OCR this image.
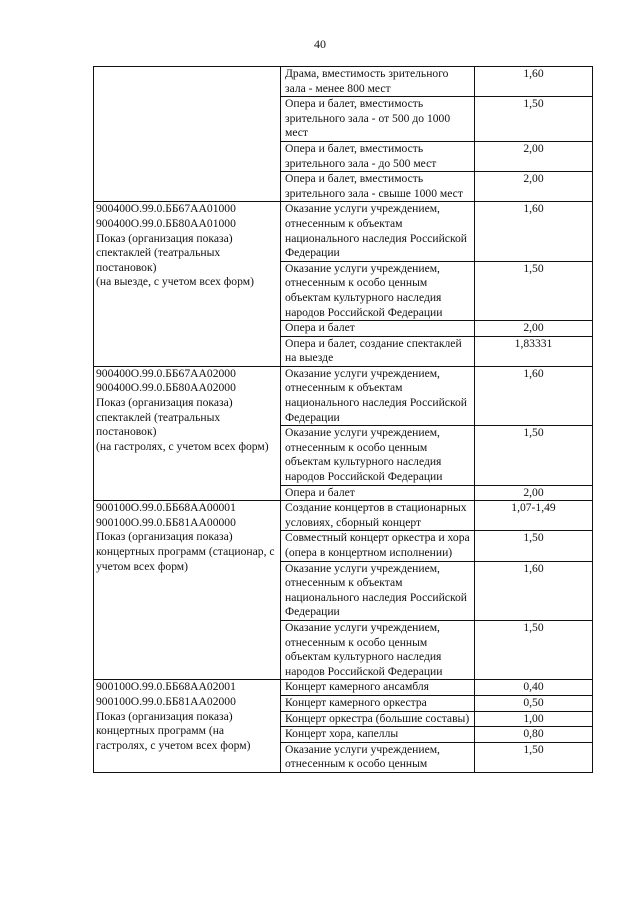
40

	Драма, вместимость зрительного зала - менее 800 мест	1,60

	Опера и балет, вместимость зрительного зала - от 500 до 1000 мест	1,50

	Опера и балет, вместимость зрительного зала - до 500 мест	2,00

	Опера и балет, вместимость зрительного зала - свыше 1000 мест	2,00

900400О.99.0.ББ67АА01000
900400О.99.0.ББ80АА01000
Показ (организация показа) спектаклей (театральных постановок)
(на выезде, с учетом всех форм)	Оказание услуги учреждением, отнесенным к объектам национального наследия Российской Федерации	1,60

	Оказание услуги учреждением, отнесенным к особо ценным объектам культурного наследия народов Российской Федерации	1,50

	Опера и балет	2,00

	Опера и балет, создание спектаклей на выезде	1,83331

900400О.99.0.ББ67АА02000
900400О.99.0.ББ80АА02000
Показ (организация показа) спектаклей (театральных постановок)
(на гастролях, с учетом всех форм)	Оказание услуги учреждением, отнесенным к объектам национального наследия Российской Федерации	1,60

	Оказание услуги учреждением, отнесенным к особо ценным объектам культурного наследия народов Российской Федерации	1,50

	Опера и балет	2,00

900100О.99.0.ББ68АА00001
900100О.99.0.ББ81АА00000
Показ (организация показа) концертных программ (стационар, с учетом всех форм)	Создание концертов в стационарных условиях, сборный концерт	1,07-1,49

	Совместный концерт оркестра и хора (опера в концертном исполнении)	1,50

	Оказание услуги учреждением, отнесенным к объектам национального наследия Российской Федерации	1,60

	Оказание услуги учреждением, отнесенным к особо ценным объектам культурного наследия народов Российской Федерации	1,50

900100О.99.0.ББ68АА02001
900100О.99.0.ББ81АА02000
Показ (организация показа) концертных программ (на гастролях, с учетом всех форм)	Концерт камерного ансамбля	0,40

	Концерт камерного оркестра	0,50

	Концерт оркестра (большие составы)	1,00

	Концерт хора, капеллы	0,80

	Оказание услуги учреждением, отнесенным к особо ценным	1,50
